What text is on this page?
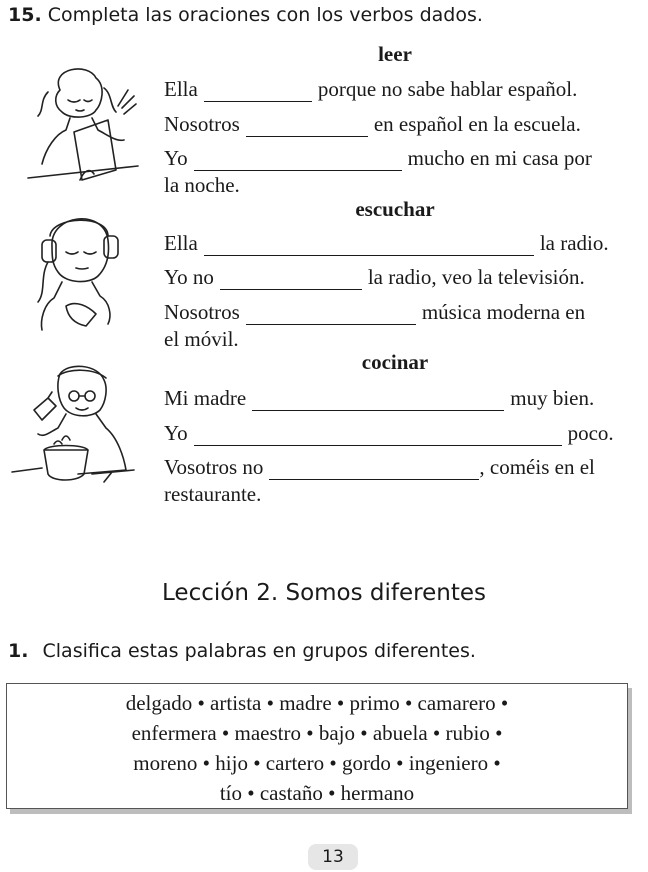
15. Completa las oraciones con los verbos dados.
leer
Ella	porque no sabe hablar español.
Nosotros	en español en la escuela.
Yo	mucho en mi casa por
la noche.
escuchar
Ella	la radio.
Yo no	la radio, veo la televisión.
Nosotros	música moderna en
el móvil.
cocinar
Mi madre	muy bien.
Yo	poco.
Vosotros no	, coméis en el
restaurante.
Lección 2. Somos diferentes
1. Clasifica estas palabras en grupos diferentes.
delgado • artista • madre • primo • camarero •
enfermera • maestro • bajo • abuela • rubio •
moreno • hijo • cartero • gordo • ingeniero •
tío • castaño • hermano
13
